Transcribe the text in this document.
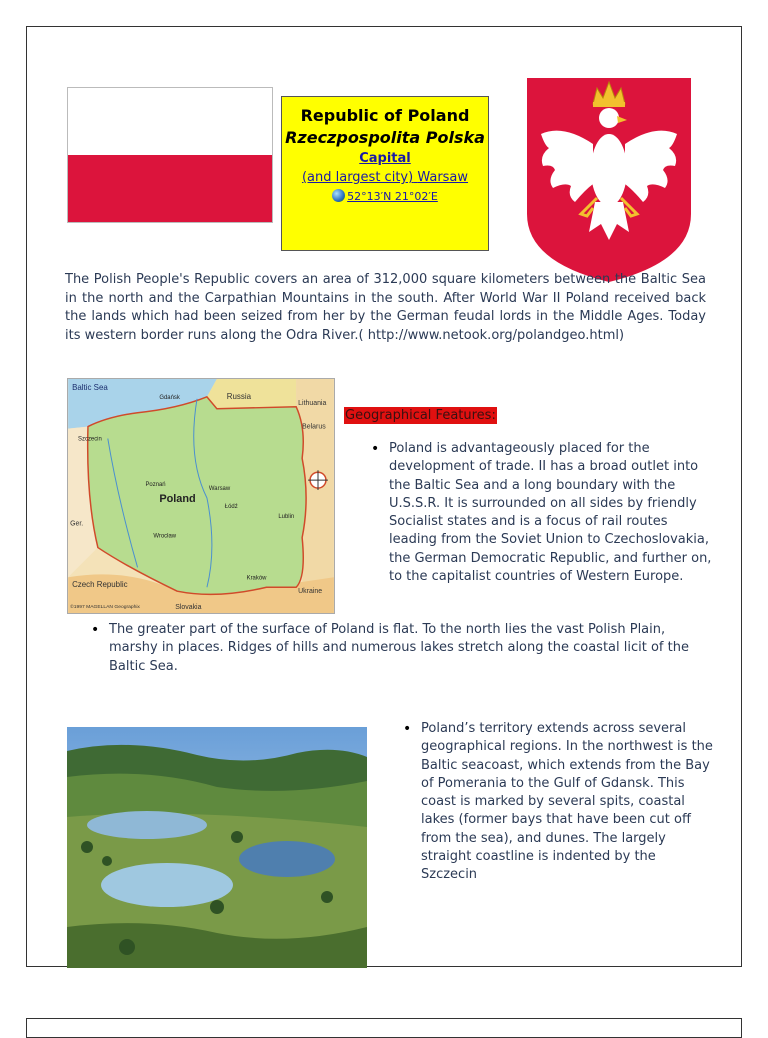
Republic of Poland
Rzeczpospolita Polska
Capital
(and largest city) Warsaw
52°13′N 21°02′E
The Polish People's Republic covers an area of 312,000 square kilometers between the Baltic Sea in the north and the Carpathian Mountains in the south. After World War II Poland received back the lands which had been seized from her by the German feudal lords in the Middle Ages. Today its western border runs along the Odra River.( http://www.netook.org/polandgeo.html)
Baltic Sea
Russia
Lithuania
Belarus
Poland
Czech Republic
Slovakia
Ukraine
Ger.
Warsaw
Gdańsk
Kraków
Poznań
Wrocław
Łódź
Lublin
Szczecin
©1997 MAGELLAN Geographix
Geographical Features:
• Poland is advantageously placed for the development of trade. II has a broad outlet into the Baltic Sea and a long boundary with the U.S.S.R. It is surrounded on all sides by friendly Socialist states and is a focus of rail routes leading from the Soviet Union to Czechoslovakia, the German Democratic Republic, and further on, to the capitalist countries of Western Europe.
• The greater part of the surface of Poland is flat. To the north lies the vast Polish Plain, marshy in places. Ridges of hills and numerous lakes stretch along the coastal licit of the Baltic Sea.
• Poland’s territory extends across several geographical regions. In the northwest is the Baltic seacoast, which extends from the Bay of Pomerania to the Gulf of Gdansk. This coast is marked by several spits, coastal lakes (former bays that have been cut off from the sea), and dunes. The largely straight coastline is indented by the Szczecin
